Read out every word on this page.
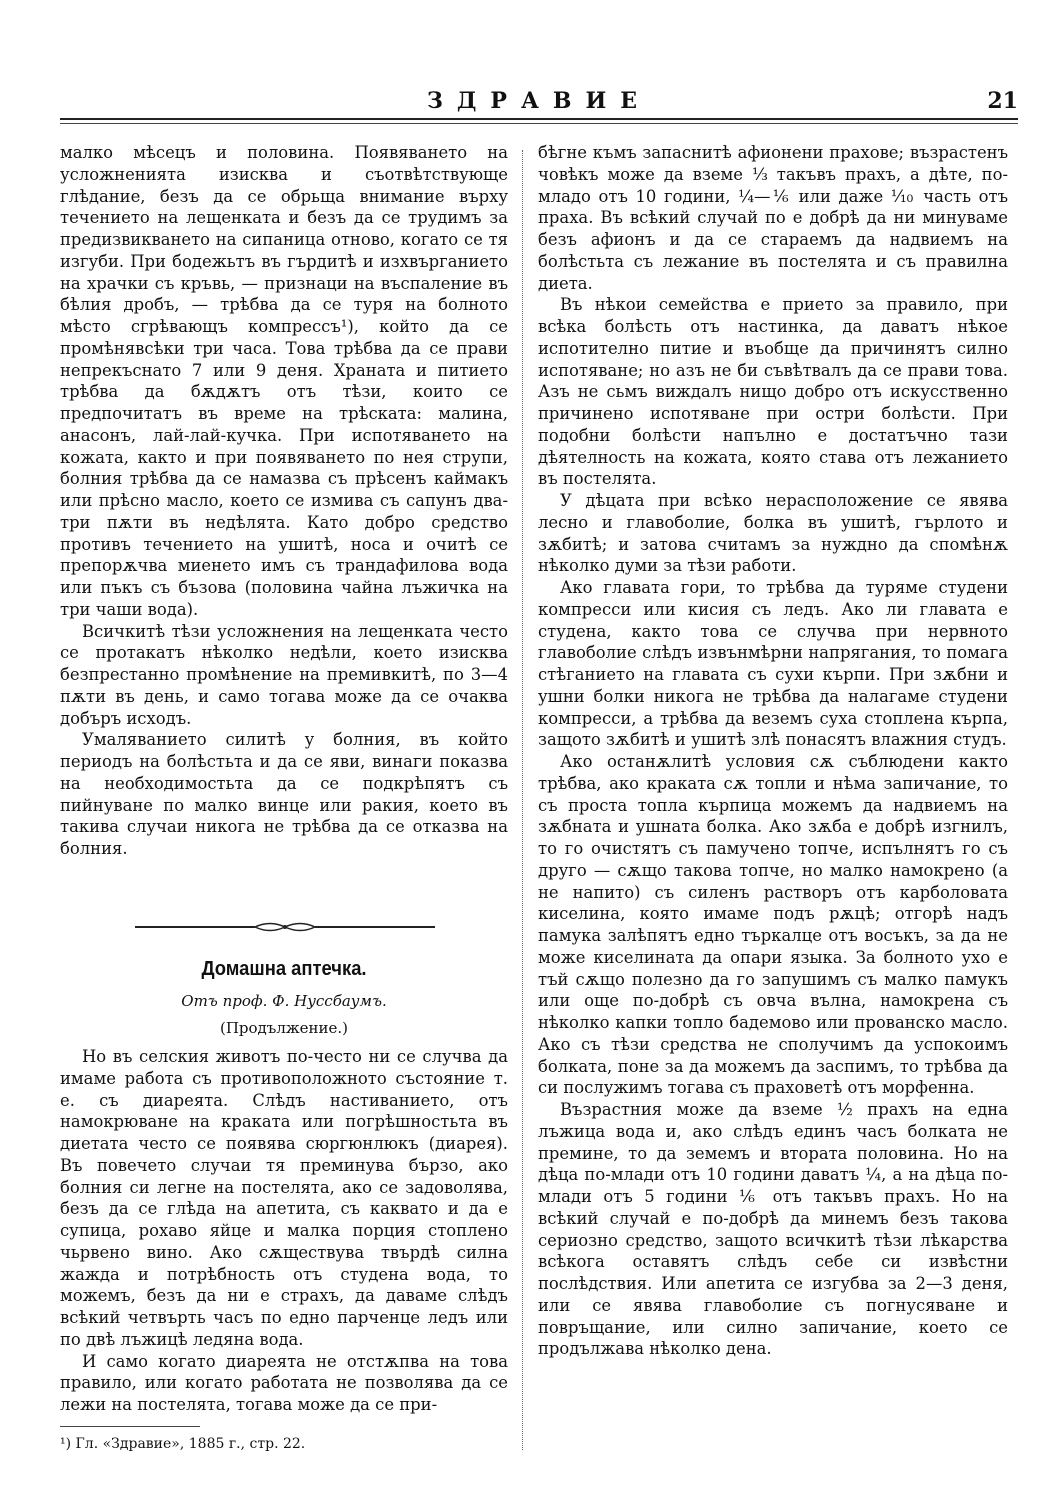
ЗДРАВИЕ	21

малко мѣсецъ и половина. Появяването на усложненията изисква и съотвѣтствующе глѣдание, безъ да се обрьща внимание върху течението на лещенката и безъ да се трудимъ за предизвикването на сипаница отново, когато се тя изгуби. При бодежьтъ въ гърдитѣ и изхвърганието на храчки съ кръвь, — признаци на въспаление въ бѣлия дробъ, — трѣбва да се туря на болното мѣсто сгрѣвающъ компрессъ¹), който да се промѣнявсѣки три часа. Това трѣбва да се прави непрекъснато 7 или 9 деня. Храната и питието трѣбва да бѫдѫтъ отъ тѣзи, които се предпочитатъ въ време на трѣската: малина, анасонъ, лай-лай-кучка. При испотяването на кожата, както и при появяването по нея струпи, болния трѣбва да се намазва съ прѣсенъ каймакъ или прѣсно масло, което се измива съ сапунъ два-три пѫти въ недѣлята. Като добро средство противъ течението на ушитѣ, носа и очитѣ се препорѫчва миенето имъ съ трандафилова вода или пъкъ съ бъзова (половина чайна лъжичка на три чаши вода).

Всичкитѣ тѣзи усложнения на лещенката често се протакатъ нѣколко недѣли, което изисква безпрестанно промѣнение на премивкитѣ, по 3—4 пѫти въ день, и само тогава може да се очаква добъръ исходъ.

Умаляванието силитѣ у болния, въ който периодъ на болѣстьта и да се яви, винаги показва на необходимостьта да се подкрѣпятъ съ пийнуване по малко винце или ракия, което въ такива случаи никога не трѣбва да се отказва на болния.

Домашна аптечка.
Отъ проф. Ф. Нуссбаумъ.
(Продължение.)

Но въ селския животъ по-често ни се случва да имаме работа съ противоположното състояние т. е. съ диарeята. Слѣдъ настиванието, отъ намокрюване на краката или погрѣшностьта въ диетата често се появява сюргюнлюкъ (диарея). Въ повечето случаи тя преминува бързо, ако болния си легне на постелята, ако се задоволява, безъ да се глѣда на апетита, съ каквато и да е супица, рохаво яйце и малка порция стоплено чьрвено вино. Ако сѫществува твърдѣ силна жажда и потрѣбность отъ студена вода, то можемъ, безъ да ни е страхъ, да даваме слѣдъ всѣкий четвърть часъ по едно парченце ледъ или по двѣ лъжицѣ ледяна вода.

И само когато диарeята не отстѫпва на това правило, или когато работата не позволява да се лежи на постелята, тогава може да се при-

бѣгне къмъ запаснитѣ афионени прахове; възрастенъ човѣкъ може да вземе ⅓ такъвъ прахъ, а дѣте, по-младо отъ 10 години, ¼—⅙ или даже ⅒ часть отъ праха. Въ всѣкий случай по е добрѣ да ни минуваме безъ афионъ и да се стараемъ да надвиемъ на болѣстьта съ лежание въ постелята и съ правилна диета.

Въ нѣкои семейства е прието за правило, при всѣка болѣсть отъ настинка, да даватъ нѣкое испотително питие и въобще да причинятъ силно испотяване; но азъ не би съвѣтвалъ да се прави това. Азъ не сьмъ виждалъ нищо добро отъ искусственно причинено испотяване при остри болѣсти. При подобни болѣсти напълно е достатъчно тази дѣятелность на кожата, която става отъ лежанието въ постелята.

У дѣцата при всѣко нерасположение се явява лесно и главоболие, болка въ ушитѣ, гърлото и зѫбитѣ; и затова считамъ за нуждно да спомѣнѫ нѣколко думи за тѣзи работи.

Ако главата гори, то трѣбва да туряме студени компресси или кисия съ ледъ. Ако ли главата е студена, както това се случва при нервното главоболие слѣдъ извънмѣрни напрягания, то помага стѣганието на главата съ сухи кърпи. При зѫбни и ушни болки никога не трѣбва да налагаме студени компресси, а трѣбва да веземъ суха стоплена кърпа, защото зѫбитѣ и ушитѣ злѣ понасятъ влажния студъ.

Ако останѫлитѣ условия сѫ съблюдени както трѣбва, ако краката сѫ топли и нѣма запичание, то съ проста топла кърпица можемъ да надвиемъ на зѫбната и ушната болка. Ако зѫба е добрѣ изгнилъ, то го очистятъ съ памучено топче, испълнятъ го съ друго — сѫщо такова топче, но малко намокрено (а не напито) съ силенъ растворъ отъ карболовата киселина, която имаме подъ рѫцѣ; отгорѣ надъ памука залѣпятъ едно търкалце отъ восъкъ, за да не може киселината да опари языка. За болното ухо е тъй сѫщо полезно да го запушимъ съ малко памукъ или още по-добрѣ съ овча вълна, намокрена съ нѣколко капки топло бадемово или прованско масло. Ако съ тѣзи средства не сполучимъ да успокоимъ болката, поне за да можемъ да заспимъ, то трѣбва да си послужимъ тогава съ праховетѣ отъ морфенна.

Възрастния може да вземе ½ прахъ на една лъжица вода и, ако слѣдъ единъ часъ болката не премине, то да земемъ и втората половина. Но на дѣца по-млади отъ 10 години даватъ ¼, а на дѣца по-млади отъ 5 години ⅙ отъ такъвъ прахъ. Но на всѣкий случай е по-добрѣ да минемъ безъ такова сериозно средство, защото всичкитѣ тѣзи лѣкарства всѣкога оставятъ слѣдъ себе си извѣстни послѣдствия. Или апетита се изгубва за 2—3 деня, или се явява главоболие съ погнусяване и повръщание, или силно запичание, което се продължава нѣколко дена.

¹) Гл. «Здравие», 1885 г., стр. 22.
